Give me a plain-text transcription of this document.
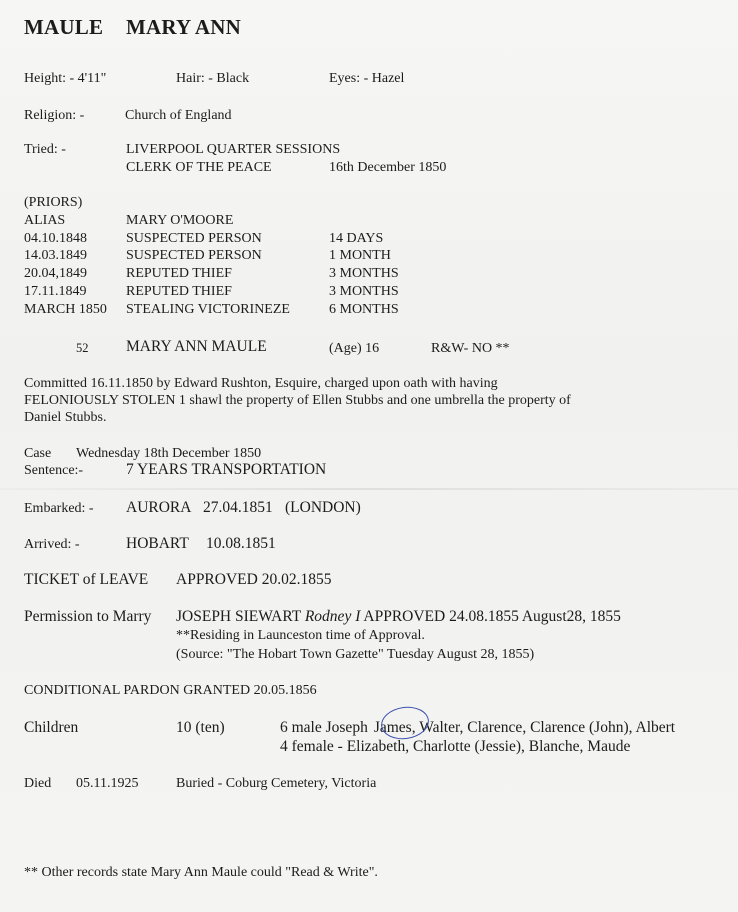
MAULE MARY ANN
Height: - 4'11"	Hair: - Black	Eyes: - Hazel
Religion: -	Church of England
Tried: -	LIVERPOOL QUARTER SESSIONS
CLERK OF THE PEACE	16th December 1850
(PRIORS)
ALIAS	MARY O'MOORE
04.10.1848	SUSPECTED PERSON	14 DAYS
14.03.1849	SUSPECTED PERSON	1 MONTH
20.04,1849	REPUTED THIEF	3 MONTHS
17.11.1849	REPUTED THIEF	3 MONTHS
MARCH 1850 STEALING VICTORINEZE	6 MONTHS
52 MARY ANN MAULE	(Age) 16	R&W- NO **
Committed 16.11.1850 by Edward Rushton, Esquire, charged upon oath with having
FELONIOUSLY STOLEN 1 shawl the property of Ellen Stubbs and one umbrella the property of
Daniel Stubbs.
Case Wednesday 18th December 1850
Sentence:-	7 YEARS TRANSPORTATION
Embarked: - AURORA 27.04.1851 (LONDON)
Arrived: -	HOBART 10.08.1851
TICKET of LEAVE APPROVED 20.02.1855
Permission to Marry JOSEPH SIEWART Rodney I APPROVED 24.08.1855 August28, 1855
**Residing in Launceston time of Approval.
(Source: "The Hobart Town Gazette" Tuesday August 28, 1855)
CONDITIONAL PARDON GRANTED 20.05.1856
Children	10 (ten)	6 male Joseph James, Walter, Clarence, Clarence (John), Albert
4 female - Elizabeth, Charlotte (Jessie), Blanche, Maude
Died 05.11.1925	Buried - Coburg Cemetery, Victoria
** Other records state Mary Ann Maule could "Read & Write".
